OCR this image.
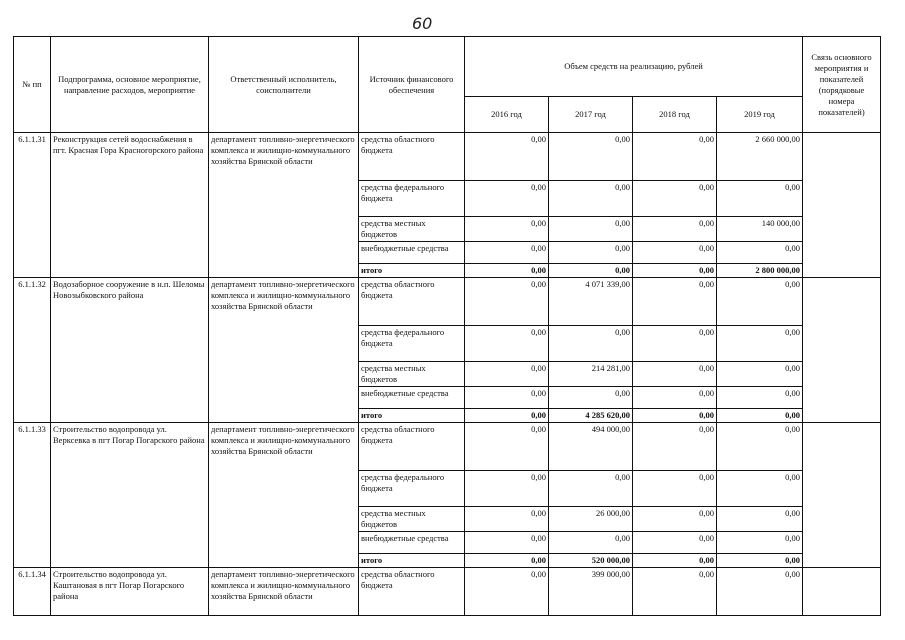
60
№ пп	Подпрограмма, основное мероприятие, направление расходов, мероприятие	Ответственный исполнитель, соисполнители	Источник финансового обеспечения	Объем средств на реализацию, рублей				Связь основного мероприятия и показателей (порядковые номера показателей)
				2016 год	2017 год	2018 год	2019 год	
6.1.1.31	Реконструкция сетей водоснабжения в пгт. Красная Гора Красногорского района	департамент топливно-энергетического комплекса и жилищно-коммунального хозяйства Брянской области	средства областного бюджета	0,00	0,00	0,00	2 660 000,00	
			средства федерального бюджета	0,00	0,00	0,00	0,00	
			средства местных бюджетов	0,00	0,00	0,00	140 000,00	
			внебюджетные средства	0,00	0,00	0,00	0,00	
			итого	0,00	0,00	0,00	2 800 000,00	
6.1.1.32	Водозаборное сооружение в н.п. Шеломы Новозыбковского района	департамент топливно-энергетического комплекса и жилищно-коммунального хозяйства Брянской области	средства областного бюджета	0,00	4 071 339,00	0,00	0,00	
			средства федерального бюджета	0,00	0,00	0,00	0,00	
			средства местных бюджетов	0,00	214 281,00	0,00	0,00	
			внебюджетные средства	0,00	0,00	0,00	0,00	
			итого	0,00	4 285 620,00	0,00	0,00	
6.1.1.33	Строительство водопровода ул. Верксевка в пгт Погар Погарского района	департамент топливно-энергетического комплекса и жилищно-коммунального хозяйства Брянской области	средства областного бюджета	0,00	494 000,00	0,00	0,00	
			средства федерального бюджета	0,00	0,00	0,00	0,00	
			средства местных бюджетов	0,00	26 000,00	0,00	0,00	
			внебюджетные средства	0,00	0,00	0,00	0,00	
			итого	0,00	520 000,00	0,00	0,00	
6.1.1.34	Строительство водопровода ул. Каштановая в пгт Погар Погарского района	департамент топливно-энергетического комплекса и жилищно-коммунального хозяйства Брянской области	средства областного бюджета	0,00	399 000,00	0,00	0,00	
